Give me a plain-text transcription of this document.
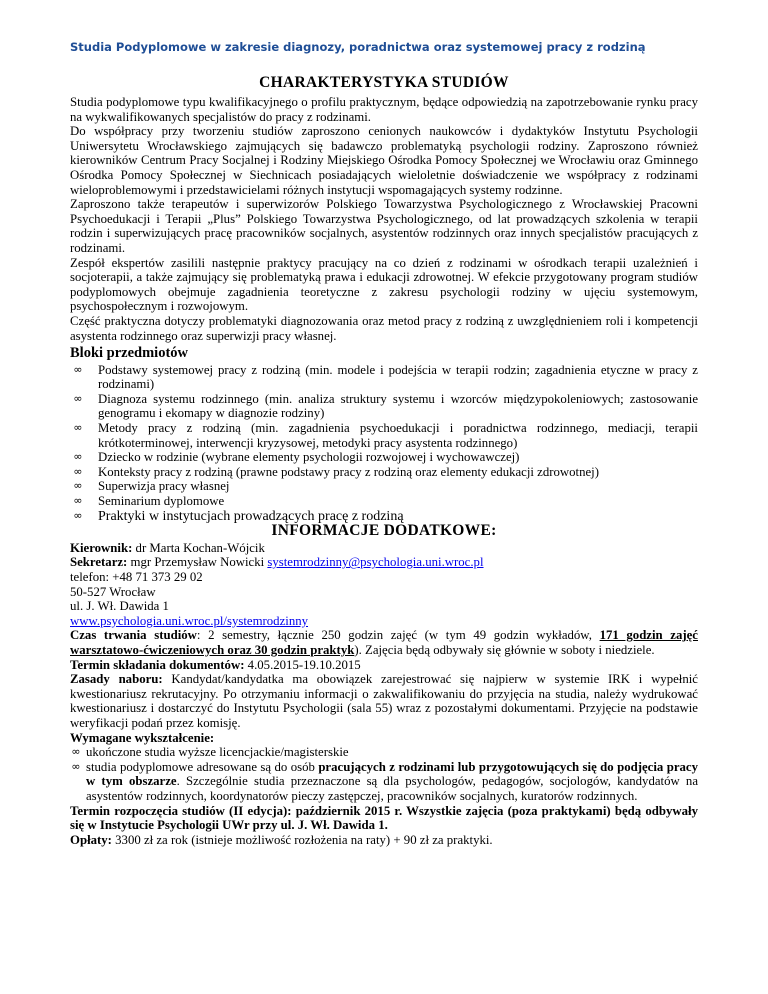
Studia Podyplomowe w zakresie diagnozy, poradnictwa oraz systemowej pracy z rodziną
CHARAKTERYSTYKA STUDIÓW

Studia podyplomowe typu kwalifikacyjnego o profilu praktycznym, będące odpowiedzią na zapotrzebowanie rynku pracy na wykwalifikowanych specjalistów do pracy z rodzinami.

Do współpracy przy tworzeniu studiów zaproszono cenionych naukowców i dydaktyków Instytutu Psychologii Uniwersytetu Wrocławskiego zajmujących się badawczo problematyką psychologii rodziny. Zaproszono również kierowników Centrum Pracy Socjalnej i Rodziny Miejskiego Ośrodka Pomocy Społecznej we Wrocławiu oraz Gminnego Ośrodka Pomocy Społecznej w Siechnicach posiadających wieloletnie doświadczenie we współpracy z rodzinami wieloproblemowymi i przedstawicielami różnych instytucji wspomagających systemy rodzinne.

Zaproszono także terapeutów i superwizorów Polskiego Towarzystwa Psychologicznego z Wrocławskiej Pracowni Psychoedukacji i Terapii „Plus” Polskiego Towarzystwa Psychologicznego, od lat prowadzących szkolenia w terapii rodzin i superwizujących pracę pracowników socjalnych, asystentów rodzinnych oraz innych specjalistów pracujących z rodzinami.

Zespół ekspertów zasilili następnie praktycy pracujący na co dzień z rodzinami w ośrodkach terapii uzależnień i socjoterapii, a także zajmujący się problematyką prawa i edukacji zdrowotnej. W efekcie przygotowany program studiów podyplomowych obejmuje zagadnienia teoretyczne z zakresu psychologii rodziny w ujęciu systemowym, psychospołecznym i rozwojowym.

Część praktyczna dotyczy problematyki diagnozowania oraz metod pracy z rodziną z uwzględnieniem roli i kompetencji asystenta rodzinnego oraz superwizji pracy własnej.

Bloki przedmiotów
∞ Podstawy systemowej pracy z rodziną (min. modele i podejścia w terapii rodzin; zagadnienia etyczne w pracy z rodzinami)
∞ Diagnoza systemu rodzinnego (min. analiza struktury systemu i wzorców międzypokoleniowych; zastosowanie genogramu i ekomapy w diagnozie rodziny)
∞ Metody pracy z rodziną (min. zagadnienia psychoedukacji i poradnictwa rodzinnego, mediacji, terapii krótkoterminowej, interwencji kryzysowej, metodyki pracy asystenta rodzinnego)
∞ Dziecko w rodzinie (wybrane elementy psychologii rozwojowej i wychowawczej)
∞ Konteksty pracy z rodziną (prawne podstawy pracy z rodziną oraz elementy edukacji zdrowotnej)
∞ Superwizja pracy własnej
∞ Seminarium dyplomowe
∞ Praktyki w instytucjach prowadzących pracę z rodziną
INFORMACJE DODATKOWE:

Kierownik: dr Marta Kochan-Wójcik

Sekretarz: mgr Przemysław Nowicki systemrodzinny@psychologia.uni.wroc.pl

telefon: +48 71 373 29 02

50-527 Wrocław

ul. J. Wł. Dawida 1

www.psychologia.uni.wroc.pl/systemrodzinny

Czas trwania studiów: 2 semestry, łącznie 250 godzin zajęć (w tym 49 godzin wykładów, 171 godzin zajęć warsztatowo-ćwiczeniowych oraz 30 godzin praktyk). Zajęcia będą odbywały się głównie w soboty i niedziele.

Termin składania dokumentów: 4.05.2015-19.10.2015

Zasady naboru: Kandydat/kandydatka ma obowiązek zarejestrować się najpierw w systemie IRK i wypełnić kwestionariusz rekrutacyjny. Po otrzymaniu informacji o zakwalifikowaniu do przyjęcia na studia, należy wydrukować kwestionariusz i dostarczyć do Instytutu Psychologii (sala 55) wraz z pozostałymi dokumentami. Przyjęcie na podstawie weryfikacji podań przez komisję.

Wymagane wykształcenie:

∞ ukończone studia wyższe licencjackie/magisterskie
∞ studia podyplomowe adresowane są do osób pracujących z rodzinami lub przygotowujących się do podjęcia pracy w tym obszarze. Szczególnie studia przeznaczone są dla psychologów, pedagogów, socjologów, kandydatów na asystentów rodzinnych, koordynatorów pieczy zastępczej, pracowników socjalnych, kuratorów rodzinnych.

Termin rozpoczęcia studiów (II edycja): październik 2015 r. Wszystkie zajęcia (poza praktykami) będą odbywały się w Instytucie Psychologii UWr przy ul. J. Wł. Dawida 1.

Opłaty: 3300 zł za rok (istnieje możliwość rozłożenia na raty) + 90 zł za praktyki.
